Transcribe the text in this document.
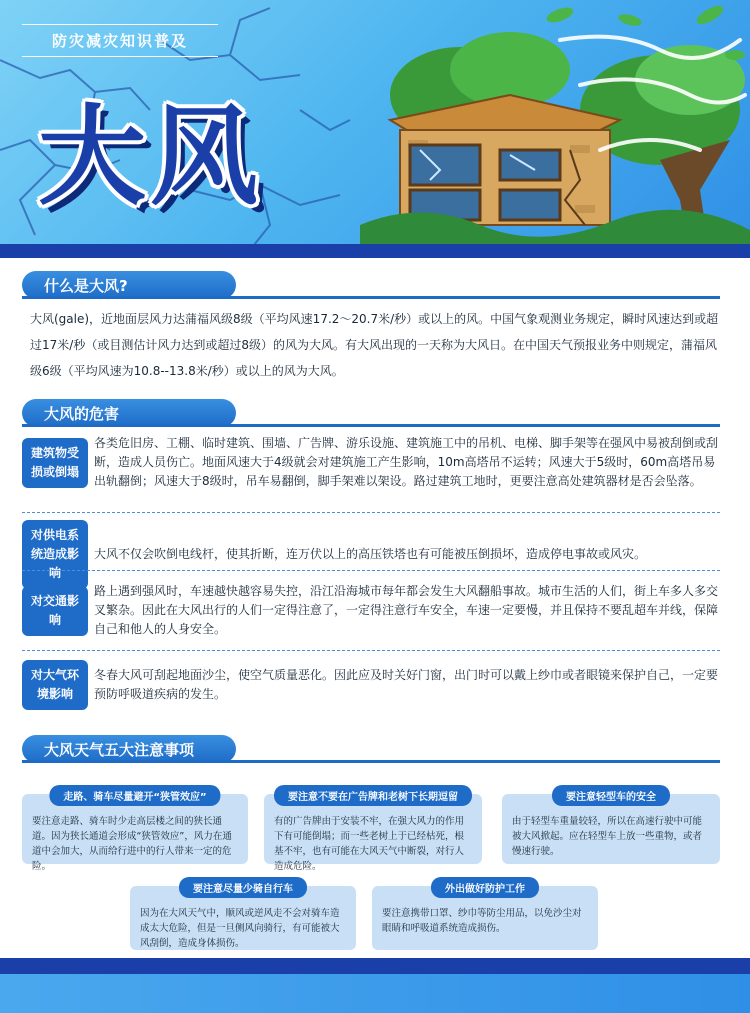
防灾减灾知识普及
大风
什么是大风?
大风(gale)，近地面层风力达蒲福风级8级（平均风速17.2～20.7米/秒）或以上的风。中国气象观测业务规定，瞬时风速达到或超过17米/秒（或目测估计风力达到或超过8级）的风为大风。有大风出现的一天称为大风日。在中国天气预报业务中则规定，蒲福风级6级（平均风速为10.8--13.8米/秒）或以上的风为大风。
大风的危害
建筑物受损或倒塌
各类危旧房、工棚、临时建筑、围墙、广告牌、游乐设施、建筑施工中的吊机、电梯、脚手架等在强风中易被刮倒或刮断，造成人员伤亡。地面风速大于4级就会对建筑施工产生影响，10m高塔吊不运转；风速大于5级时，60m高塔吊易出轨翻倒；风速大于8级时，吊车易翻倒，脚手架难以架设。路过建筑工地时，更要注意高处建筑器材是否会坠落。
对供电系统造成影响
大风不仅会吹倒电线杆，使其折断，连万伏以上的高压铁塔也有可能被压倒损坏，造成停电事故或风灾。
对交通影响
路上遇到强风时，车速越快越容易失控，沿江沿海城市每年都会发生大风翻船事故。城市生活的人们，街上车多人多交叉繁杂。因此在大风出行的人们一定得注意了，一定得注意行车安全，车速一定要慢，并且保持不要乱超车并线，保障自己和他人的人身安全。
对大气环境影响
冬春大风可刮起地面沙尘，使空气质量恶化。因此应及时关好门窗，出门时可以戴上纱巾或者眼镜来保护自己，一定要预防呼吸道疾病的发生。
大风天气五大注意事项
走路、骑车尽量避开“狭管效应”
要注意走路、骑车时少走高层楼之间的狭长通道。因为狭长通道会形成“狭管效应”，风力在通道中会加大，从而给行进中的行人带来一定的危险。
要注意不要在广告牌和老树下长期逗留
有的广告牌由于安装不牢，在强大风力的作用下有可能倒塌；而一些老树上于已经枯死，根基不牢，也有可能在大风天气中断裂，对行人造成危险。
要注意轻型车的安全
由于轻型车重量较轻，所以在高速行驶中可能被大风掀起。应在轻型车上放一些重物，或者慢速行驶。
要注意尽量少骑自行车
因为在大风天气中，顺风或逆风走不会对骑车造成太大危险，但是一旦侧风向骑行，有可能被大风刮倒，造成身体损伤。
外出做好防护工作
要注意携带口罩、纱巾等防尘用品，以免沙尘对眼睛和呼吸道系统造成损伤。
